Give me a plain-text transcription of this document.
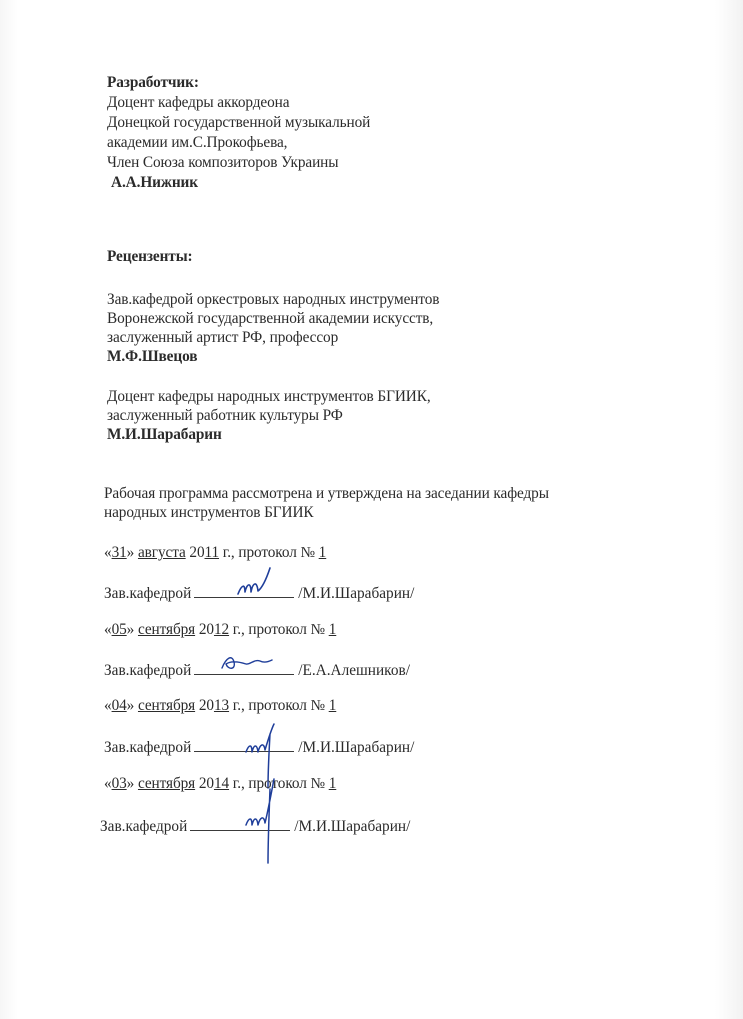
Разработчик:
Доцент кафедры аккордеона
Донецкой государственной музыкальной
академии им.С.Прокофьева,
Член Союза композиторов Украины
А.А.Нижник
Рецензенты:
Зав.кафедрой оркестровых народных инструментов
Воронежской государственной академии искусств,
заслуженный артист РФ, профессор
М.Ф.Швецов
Доцент кафедры народных инструментов БГИИК,
заслуженный работник культуры РФ
М.И.Шарабарин
Рабочая программа рассмотрена и утверждена на заседании кафедры
народных инструментов БГИИК
«31» августа 2011 г., протокол № 1
Зав.кафедрой	/М.И.Шарабарин/
«05» сентября 2012 г., протокол № 1
Зав.кафедрой	/Е.А.Алешников/
«04» сентября 2013 г., протокол № 1
Зав.кафедрой	/М.И.Шарабарин/
«03» сентября 2014 г., протокол № 1
Зав.кафедрой	/М.И.Шарабарин/
